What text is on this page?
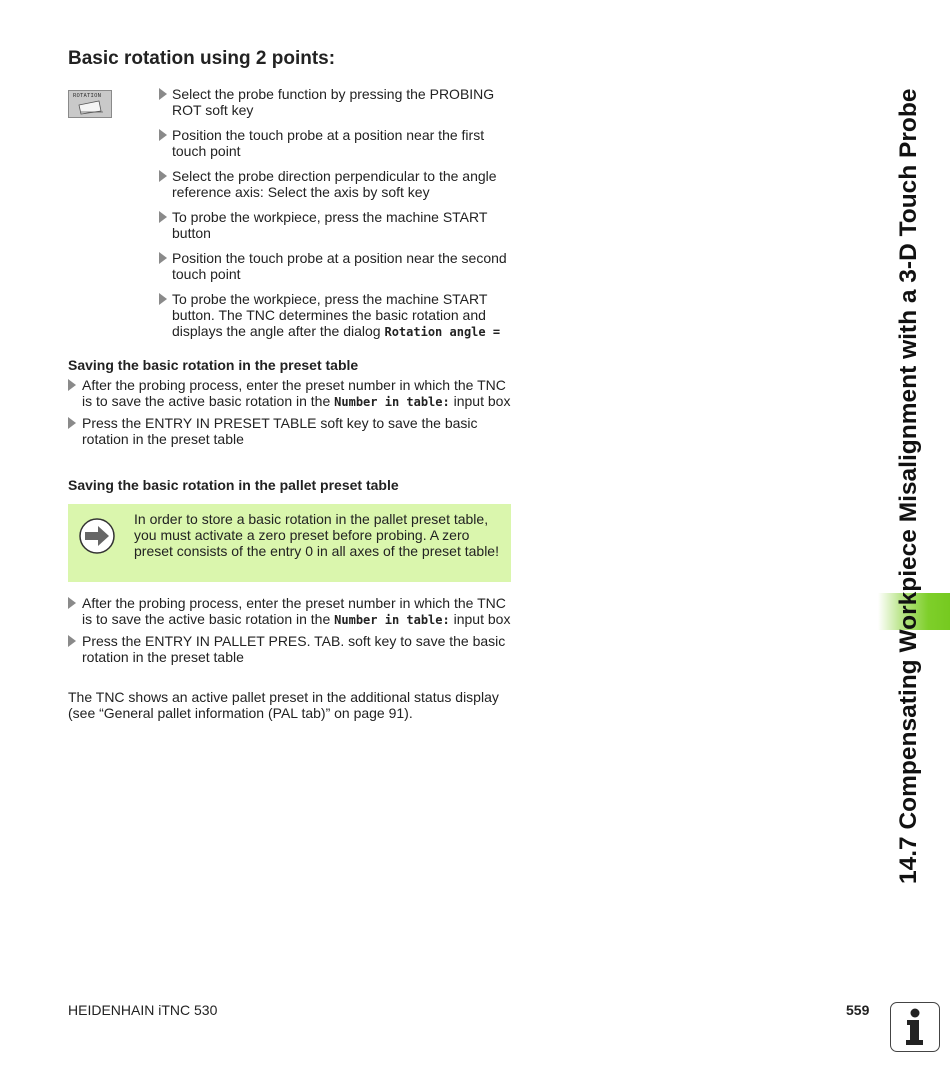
Basic rotation using 2 points:
ROTATION	Select the probe function by pressing the PROBING ROT soft key
Position the touch probe at a position near the first touch point
Select the probe direction perpendicular to the angle reference axis: Select the axis by soft key
To probe the workpiece, press the machine START button
Position the touch probe at a position near the second touch point
To probe the workpiece, press the machine START button. The TNC determines the basic rotation and displays the angle after the dialog Rotation angle =
Saving the basic rotation in the preset table
After the probing process, enter the preset number in which the TNC is to save the active basic rotation in the Number in table: input box
Press the ENTRY IN PRESET TABLE soft key to save the basic rotation in the preset table
Saving the basic rotation in the pallet preset table
In order to store a basic rotation in the pallet preset table, you must activate a zero preset before probing. A zero preset consists of the entry 0 in all axes of the preset table!
After the probing process, enter the preset number in which the TNC is to save the active basic rotation in the Number in table: input box
Press the ENTRY IN PALLET PRES. TAB. soft key to save the basic rotation in the preset table

The TNC shows an active pallet preset in the additional status display (see “General pallet information (PAL tab)” on page 91).	14.7 Compensating Workpiece Misalignment with a 3-D Touch Probe
HEIDENHAIN iTNC 530	559
